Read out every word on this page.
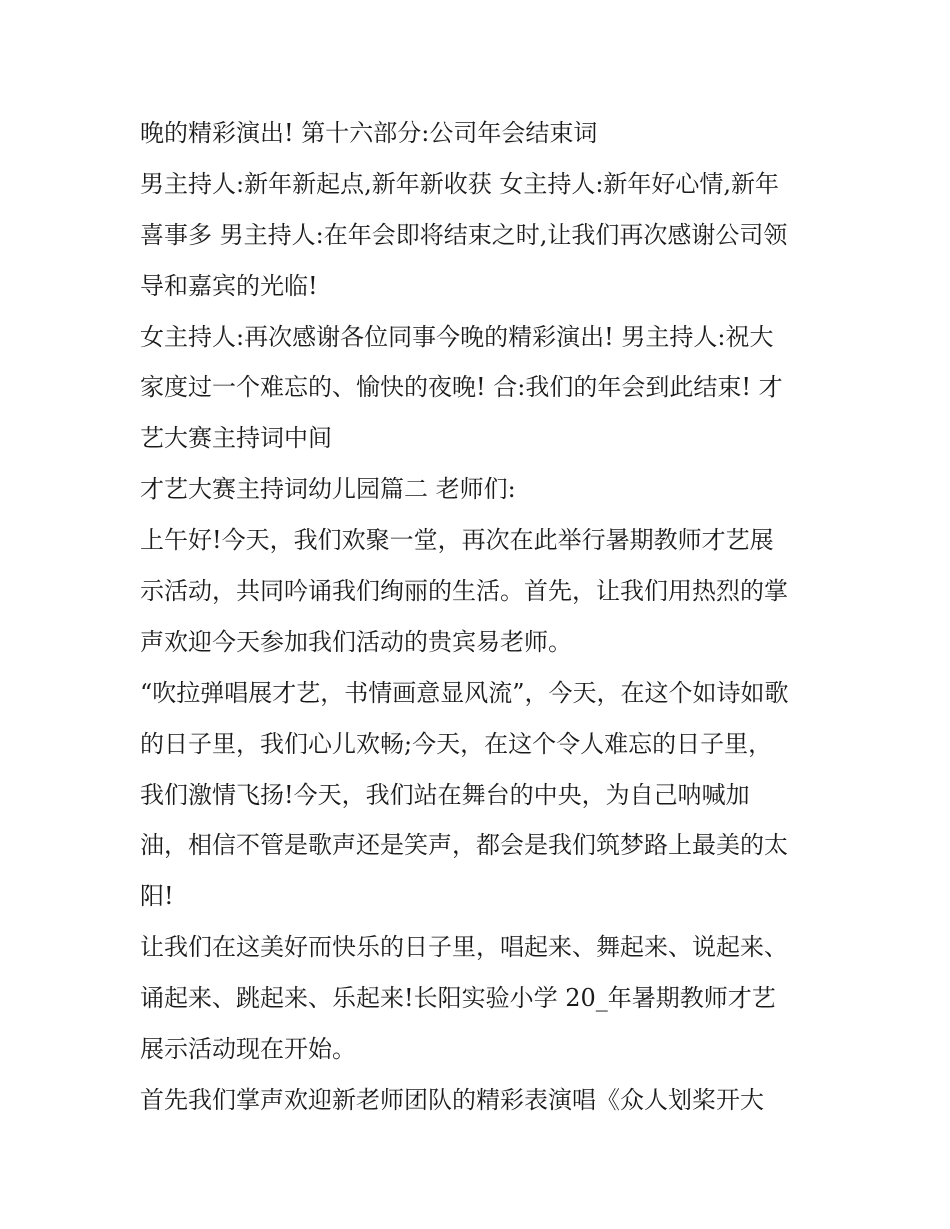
晚的精彩演出! 第十六部分:公司年会结束词
男主持人:新年新起点,新年新收获 女主持人:新年好心情,新年
喜事多 男主持人:在年会即将结束之时,让我们再次感谢公司领
导和嘉宾的光临!
女主持人:再次感谢各位同事今晚的精彩演出! 男主持人:祝大
家度过一个难忘的、愉快的夜晚! 合:我们的年会到此结束! 才
艺大赛主持词中间
才艺大赛主持词幼儿园篇二 老师们:
上午好!今天，我们欢聚一堂，再次在此举行暑期教师才艺展
示活动，共同吟诵我们绚丽的生活。首先，让我们用热烈的掌
声欢迎今天参加我们活动的贵宾易老师。
“吹拉弹唱展才艺，书情画意显风流”，今天，在这个如诗如歌
的日子里，我们心儿欢畅;今天，在这个令人难忘的日子里，
我们激情飞扬!今天，我们站在舞台的中央，为自己呐喊加
油，相信不管是歌声还是笑声，都会是我们筑梦路上最美的太
阳!
让我们在这美好而快乐的日子里，唱起来、舞起来、说起来、
诵起来、跳起来、乐起来!长阳实验小学 20_年暑期教师才艺
展示活动现在开始。
首先我们掌声欢迎新老师团队的精彩表演唱《众人划桨开大
